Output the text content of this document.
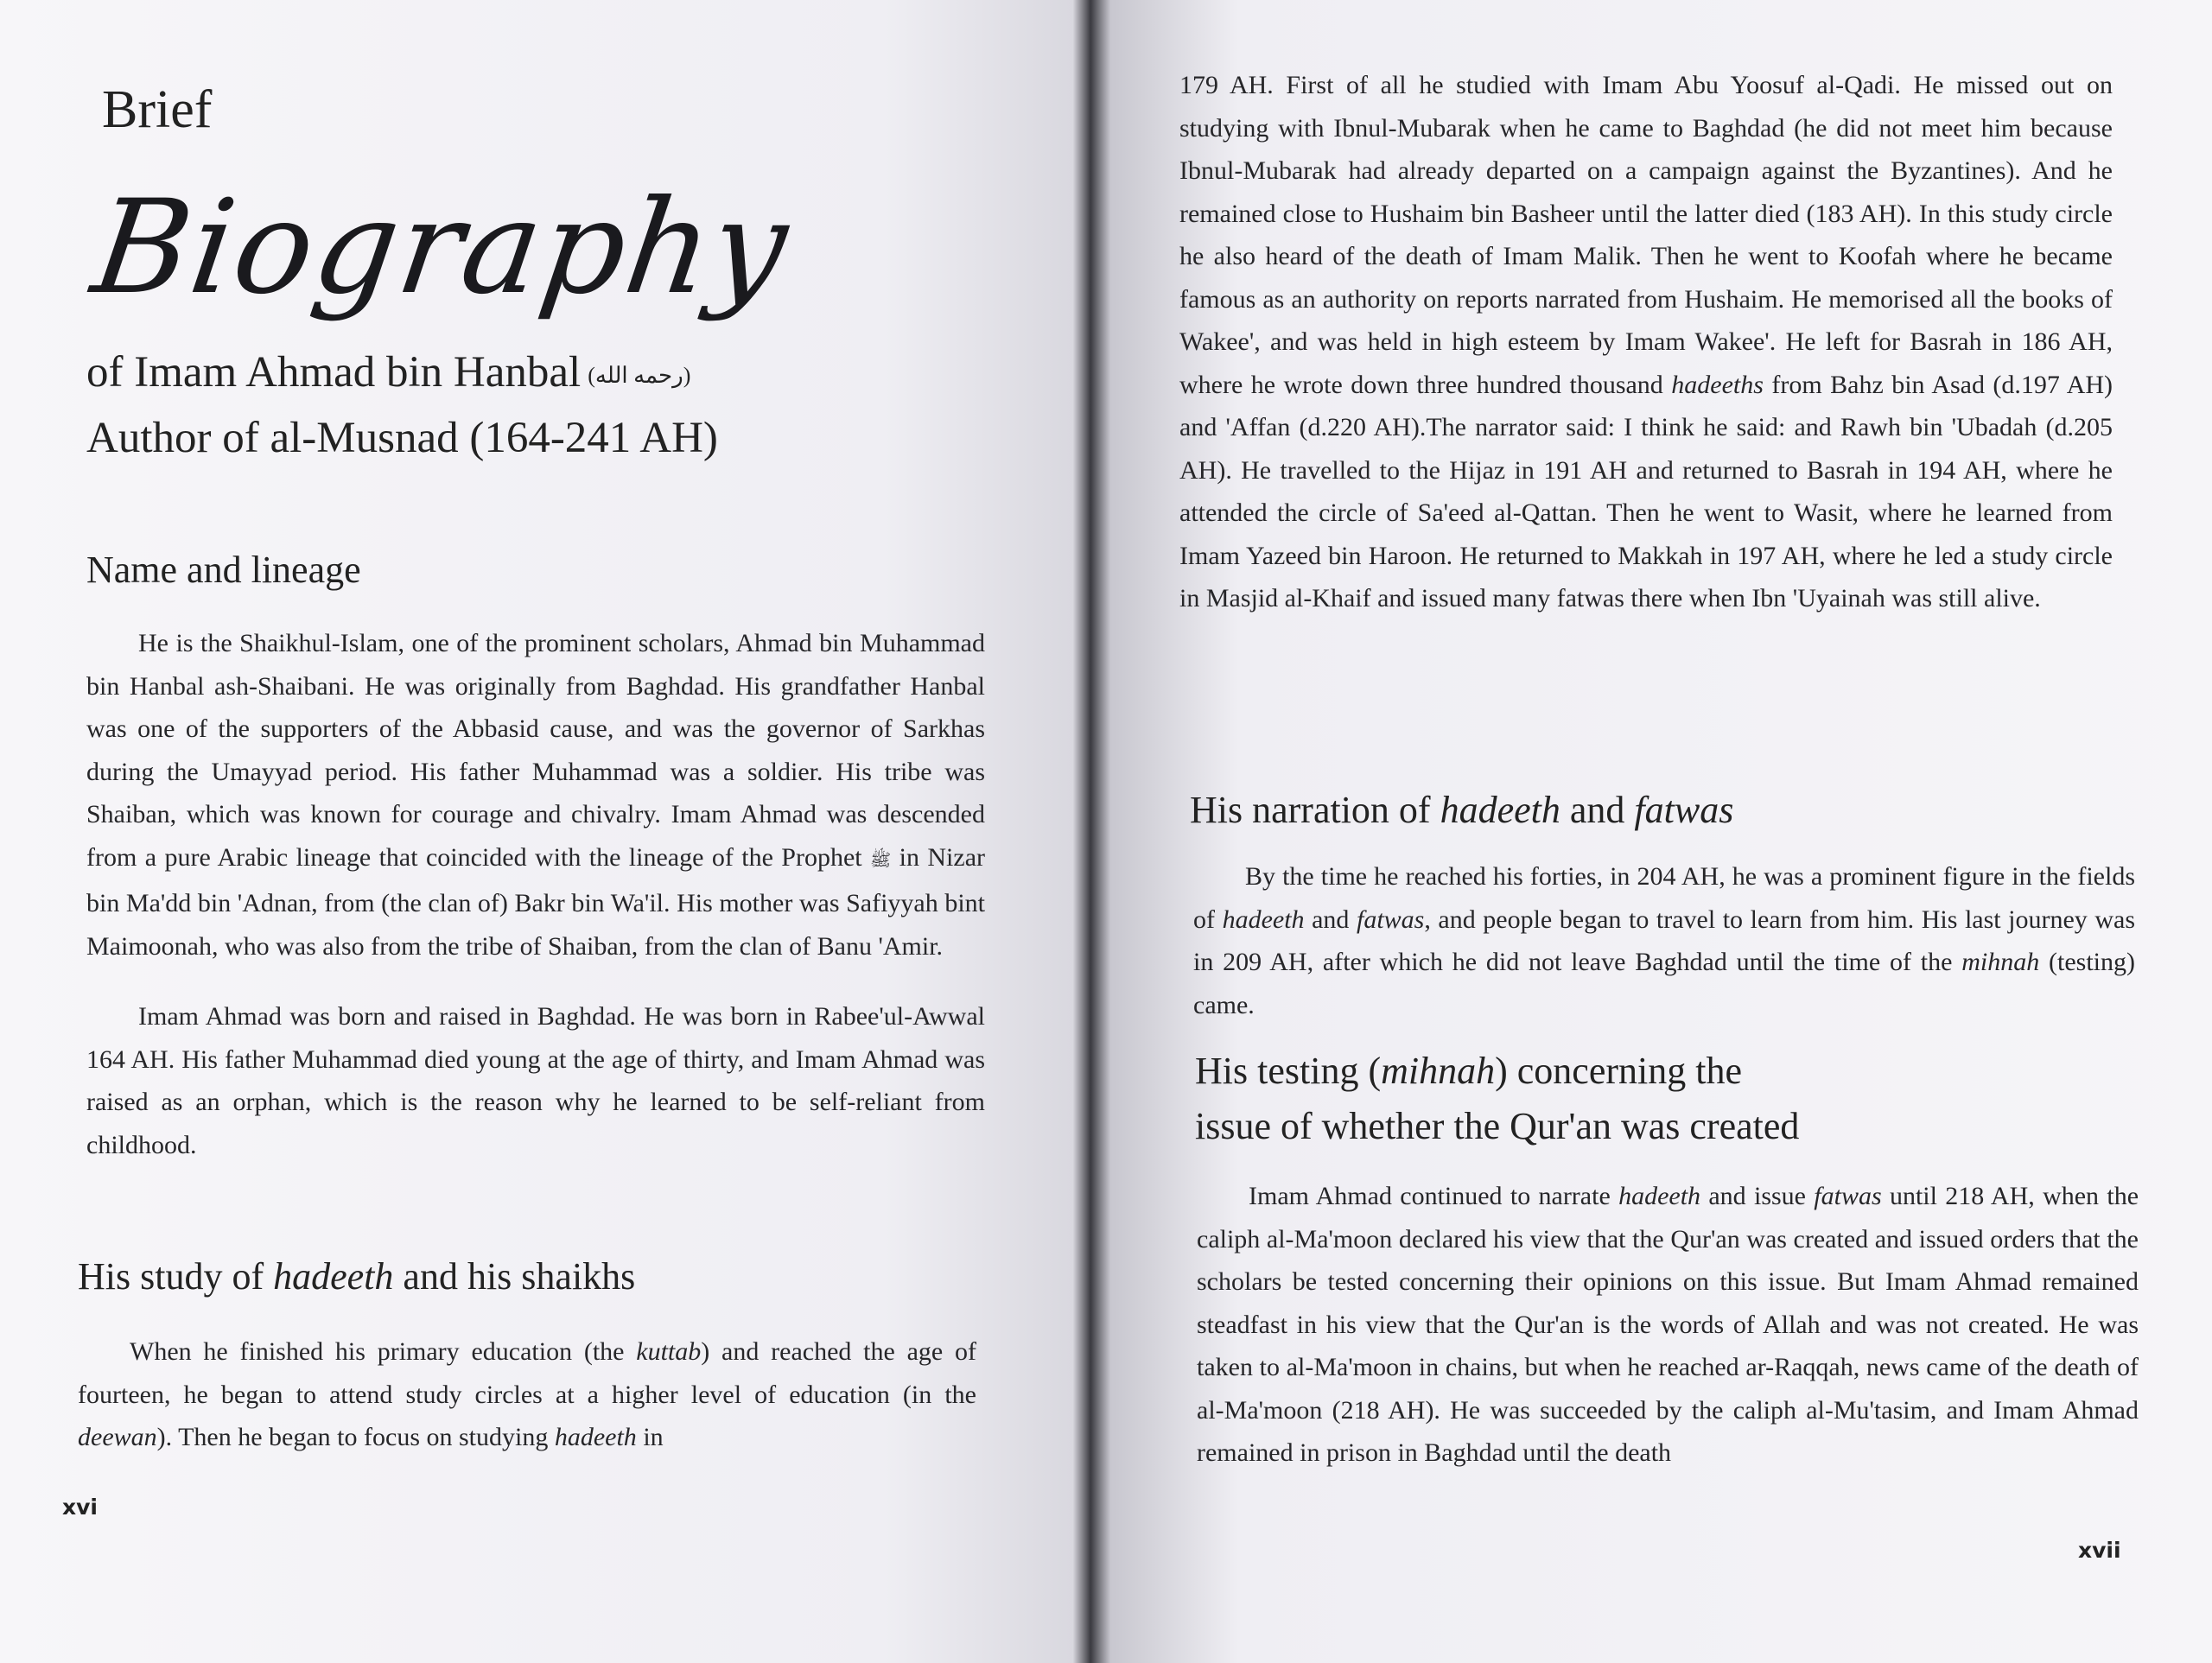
Brief
Biography
of Imam Ahmad bin Hanbal (رحمه الله)
Author of al-Musnad (164-241 AH)
Name and lineage

He is the Shaikhul-Islam, one of the prominent scholars, Ahmad bin Muhammad bin Hanbal ash-Shaibani. He was originally from Baghdad. His grandfather Hanbal was one of the supporters of the Abbasid cause, and was the governor of Sarkhas during the Umayyad period. His father Muhammad was a soldier. His tribe was Shaiban, which was known for courage and chivalry. Imam Ahmad was descended from a pure Arabic lineage that coincided with the lineage of the Prophet ﷺ in Nizar bin Ma'dd bin 'Adnan, from (the clan of) Bakr bin Wa'il. His mother was Safiyyah bint Maimoonah, who was also from the tribe of Shaiban, from the clan of Banu 'Amir.

Imam Ahmad was born and raised in Baghdad. He was born in Rabee'ul-Awwal 164 AH. His father Muhammad died young at the age of thirty, and Imam Ahmad was raised as an orphan, which is the reason why he learned to be self-reliant from childhood.

His study of hadeeth and his shaikhs

When he finished his primary education (the kuttab) and reached the age of fourteen, he began to attend study circles at a higher level of education (in the deewan). Then he began to focus on studying hadeeth in

xvi

179 AH. First of all he studied with Imam Abu Yoosuf al-Qadi. He missed out on studying with Ibnul-Mubarak when he came to Baghdad (he did not meet him because Ibnul-Mubarak had already departed on a campaign against the Byzantines). And he remained close to Hushaim bin Basheer until the latter died (183 AH). In this study circle he also heard of the death of Imam Malik. Then he went to Koofah where he became famous as an authority on reports narrated from Hushaim. He memorised all the books of Wakee', and was held in high esteem by Imam Wakee'. He left for Basrah in 186 AH, where he wrote down three hundred thousand hadeeths from Bahz bin Asad (d.197 AH) and 'Affan (d.220 AH).The narrator said: I think he said: and Rawh bin 'Ubadah (d.205 AH). He travelled to the Hijaz in 191 AH and returned to Basrah in 194 AH, where he attended the circle of Sa'eed al-Qattan. Then he went to Wasit, where he learned from Imam Yazeed bin Haroon. He returned to Makkah in 197 AH, where he led a study circle in Masjid al-Khaif and issued many fatwas there when Ibn 'Uyainah was still alive.

His narration of hadeeth and fatwas

By the time he reached his forties, in 204 AH, he was a prominent figure in the fields of hadeeth and fatwas, and people began to travel to learn from him. His last journey was in 209 AH, after which he did not leave Baghdad until the time of the mihnah (testing) came.

His testing (mihnah) concerning the
issue of whether the Qur'an was created

Imam Ahmad continued to narrate hadeeth and issue fatwas until 218 AH, when the caliph al-Ma'moon declared his view that the Qur'an was created and issued orders that the scholars be tested concerning their opinions on this issue. But Imam Ahmad remained steadfast in his view that the Qur'an is the words of Allah and was not created. He was taken to al-Ma'moon in chains, but when he reached ar-Raqqah, news came of the death of al-Ma'moon (218 AH). He was succeeded by the caliph al-Mu'tasim, and Imam Ahmad remained in prison in Baghdad until the death

xvii
